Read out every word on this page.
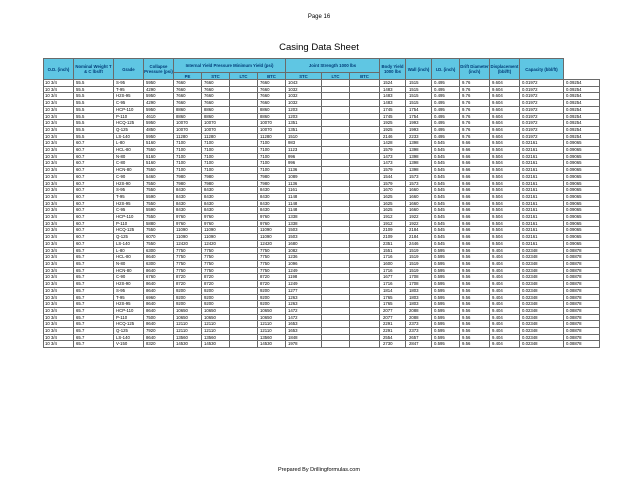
Page 16
Casing Data Sheet
O.D. (inch)	Nominal Weight T & C lbs/ft	Grade	Collapse Pressure (psi)	Internal Yield Pressure Minimum Yield (psi)				Joint Strength 1000 lbs			Body Yield 1000 lbs	Wall (inch)	I.D. (inch)	Drift Diameter (inch)	Displacement (bbl/ft)	Capacity (bbl/ft)	
				PE	STC	LTC	BTC	STC	LTC	BTC							
10 3/4	55.5	S-95	5950	7660	7660		7660	1043			1524	1515	0.495	9.76	9.604	0.01972	0.09254
10 3/4	55.5	T-95	4290	7660	7660		7660	1032			1483	1515	0.495	9.76	9.604	0.01972	0.09254
10 3/4	55.5	H2S-95	5950	7660	7660		7660	1032			1483	1515	0.495	9.76	9.604	0.01972	0.09254
10 3/4	55.5	C-95	4290	7660	7660		7660	1032			1483	1515	0.495	9.76	9.604	0.01972	0.09254
10 3/4	55.5	HCP-110	5950	8860	8860		8860	1203			1745	1754	0.495	9.76	9.604	0.01972	0.09254
10 3/4	55.5	P-110	4610	8860	8860		8860	1203			1745	1754	0.495	9.76	9.604	0.01972	0.09254
10 3/4	55.5	HCQ-125	5950	10070	10070		10070	1351			1925	1993	0.495	9.76	9.604	0.01972	0.09254
10 3/4	55.5	Q-125	4850	10070	10070		10070	1351			1925	1993	0.495	9.76	9.604	0.01972	0.09254
10 3/4	55.5	LS-140	5950	11280	11280		11280	1510			2146	2233	0.495	9.76	9.604	0.01972	0.09254
10 3/4	60.7	L-80	5160	7100	7100		7100	983			1428	1398	0.545	9.66	9.504	0.02161	0.09065
10 3/4	60.7	HCL-80	7550	7100	7100		7100	1123			1579	1398	0.545	9.66	9.504	0.02161	0.09065
10 3/4	60.7	N-80	5160	7100	7100		7100	996			1473	1398	0.545	9.66	9.504	0.02161	0.09065
10 3/4	60.7	C-80	5160	7100	7100		7100	996			1473	1398	0.545	9.66	9.504	0.02161	0.09065
10 3/4	60.7	HCN-80	7550	7100	7100		7100	1136			1579	1398	0.545	9.66	9.504	0.02161	0.09065
10 3/4	60.7	C-90	5460	7980	7980		7980	1089			1544	1573	0.545	9.66	9.504	0.02161	0.09065
10 3/4	60.7	H2S-90	7550	7980	7980		7980	1136			1579	1573	0.545	9.66	9.504	0.02161	0.09065
10 3/4	60.7	S-95	7550	8430	8430		8430	1161			1670	1660	0.545	9.66	9.504	0.02161	0.09065
10 3/4	60.7	T-95	5590	8430	8430		8430	1148			1625	1660	0.545	9.66	9.504	0.02161	0.09065
10 3/4	60.7	H2S-95	7550	8430	8430		8430	1148			1625	1660	0.545	9.66	9.504	0.02161	0.09065
10 3/4	60.7	C-95	5590	8430	8430		8430	1148			1625	1660	0.545	9.66	9.504	0.02161	0.09065
10 3/4	60.7	HCP-110	7550	9760	9760		9760	1338			1912	1922	0.545	9.66	9.504	0.02161	0.09065
10 3/4	60.7	P-110	5880	9760	9760		9760	1338			1912	1922	0.545	9.66	9.504	0.02161	0.09065
10 3/4	60.7	HCQ-125	7550	11090	11090		11090	1503			2109	2184	0.545	9.66	9.504	0.02161	0.09065
10 3/4	60.7	Q-125	6070	11090	11090		11090	1503			2109	2184	0.545	9.66	9.504	0.02161	0.09065
10 3/4	60.7	LS-140	7550	12420	12420		12420	1680			2351	2446	0.545	9.66	9.504	0.02161	0.09065
10 3/4	65.7	L-80	6300	7750	7750		7750	1082			1551	1519	0.595	9.56	9.404	0.02348	0.08878
10 3/4	65.7	HCL-80	8640	7750	7750		7750	1236			1716	1519	0.595	9.56	9.404	0.02348	0.08878
10 3/4	65.7	N-80	6300	7750	7750		7750	1096			1600	1519	0.595	9.56	9.404	0.02348	0.08878
10 3/4	65.7	HCN-80	8640	7750	7750		7750	1249			1716	1519	0.595	9.56	9.404	0.02348	0.08878
10 3/4	65.7	C-90	6760	8720	8720		8720	1198			1677	1708	0.595	9.56	9.404	0.02348	0.08878
10 3/4	65.7	H2S-90	8640	8720	8720		8720	1249			1716	1708	0.595	9.56	9.404	0.02348	0.08878
10 3/4	65.7	S-95	8640	9200	9200		9200	1277			1814	1803	0.595	9.56	9.404	0.02348	0.08878
10 3/4	65.7	T-95	6960	9200	9200		9200	1263			1765	1803	0.595	9.56	9.404	0.02348	0.08878
10 3/4	65.7	H2S-95	8640	9200	9200		9200	1263			1765	1803	0.595	9.56	9.404	0.02348	0.08878
10 3/4	65.7	HCP-110	8640	10650	10650		10650	1472			2077	2088	0.595	9.56	9.404	0.02348	0.08878
10 3/4	65.7	P-110	7500	10650	10650		10650	1472			2077	2088	0.595	9.56	9.404	0.02348	0.08878
10 3/4	65.7	HCQ-125	8640	12110	12110		12110	1653			2291	2373	0.595	9.56	9.404	0.02348	0.08878
10 3/4	65.7	Q-125	7920	12110	12110		12110	1653			2291	2373	0.595	9.56	9.404	0.02348	0.08878
10 3/4	65.7	LS-140	8640	13560	13560		13560	1848			2554	2657	0.595	9.56	9.404	0.02348	0.08878
10 3/4	65.7	V-150	8320	14530	14530		14530	1978			2730	2847	0.595	9.56	9.404	0.02348	0.08878
Prepared By Drillingformulas.com
